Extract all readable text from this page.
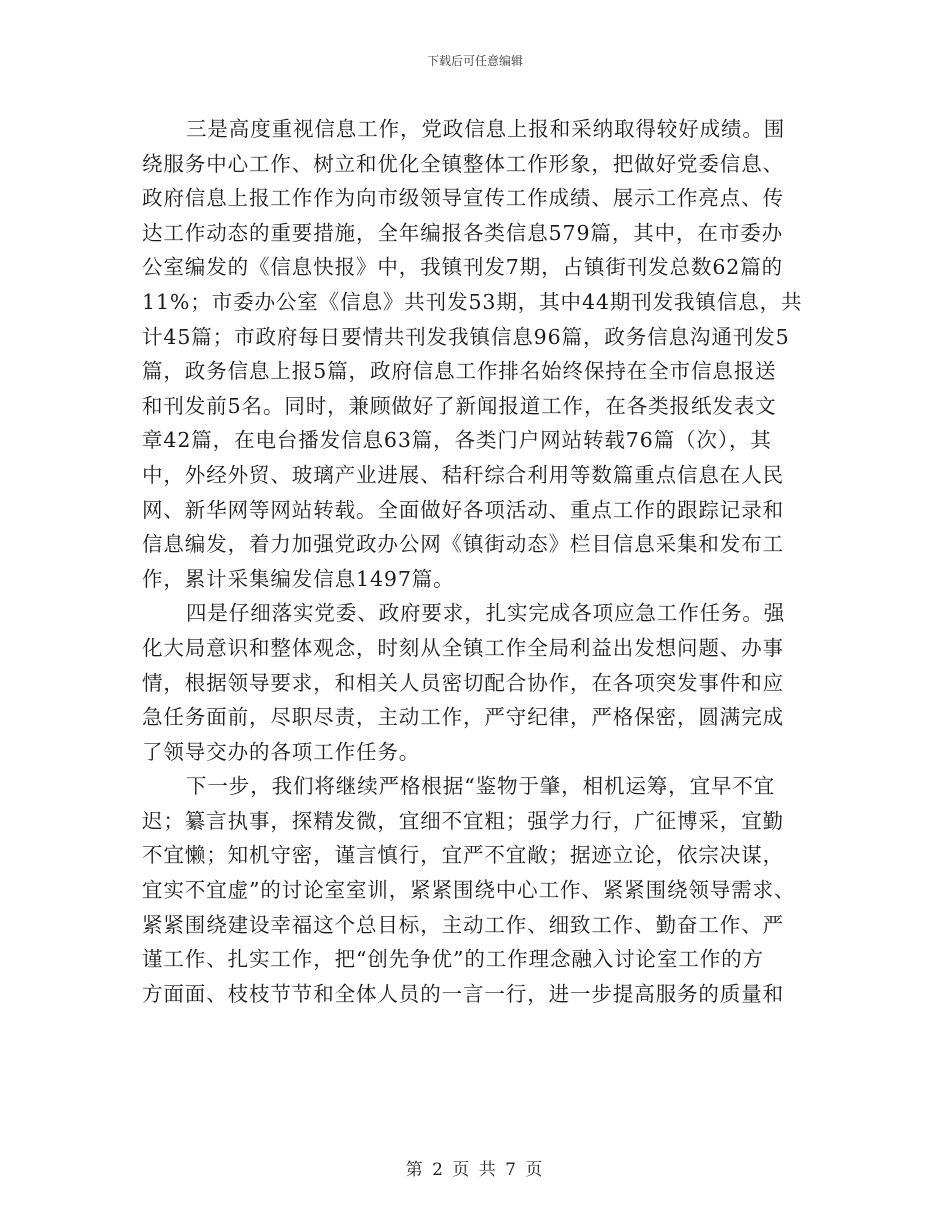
下载后可任意编辑
三是高度重视信息工作，党政信息上报和采纳取得较好成绩。围
绕服务中心工作、树立和优化全镇整体工作形象，把做好党委信息、
政府信息上报工作作为向市级领导宣传工作成绩、展示工作亮点、传
达工作动态的重要措施，全年编报各类信息579篇，其中，在市委办
公室编发的《信息快报》中，我镇刊发7期，占镇街刊发总数62篇的
11%；市委办公室《信息》共刊发53期，其中44期刊发我镇信息，共
计45篇；市政府每日要情共刊发我镇信息96篇，政务信息沟通刊发5
篇，政务信息上报5篇，政府信息工作排名始终保持在全市信息报送
和刊发前5名。同时，兼顾做好了新闻报道工作，在各类报纸发表文
章42篇，在电台播发信息63篇，各类门户网站转载76篇（次），其
中，外经外贸、玻璃产业进展、秸秆综合利用等数篇重点信息在人民
网、新华网等网站转载。全面做好各项活动、重点工作的跟踪记录和
信息编发，着力加强党政办公网《镇街动态》栏目信息采集和发布工
作，累计采集编发信息1497篇。
四是仔细落实党委、政府要求，扎实完成各项应急工作任务。强
化大局意识和整体观念，时刻从全镇工作全局利益出发想问题、办事
情，根据领导要求，和相关人员密切配合协作，在各项突发事件和应
急任务面前，尽职尽责，主动工作，严守纪律，严格保密，圆满完成
了领导交办的各项工作任务。
下一步，我们将继续严格根据“鉴物于肇，相机运筹，宜早不宜
迟；纂言执事，探精发微，宜细不宜粗；强学力行，广征博采，宜勤
不宜懒；知机守密，谨言慎行，宜严不宜敞；据迹立论，依宗决谋，
宜实不宜虚”的讨论室室训，紧紧围绕中心工作、紧紧围绕领导需求、
紧紧围绕建设幸福这个总目标，主动工作、细致工作、勤奋工作、严
谨工作、扎实工作，把“创先争优”的工作理念融入讨论室工作的方
方面面、枝枝节节和全体人员的一言一行，进一步提高服务的质量和
第 2 页 共 7 页
